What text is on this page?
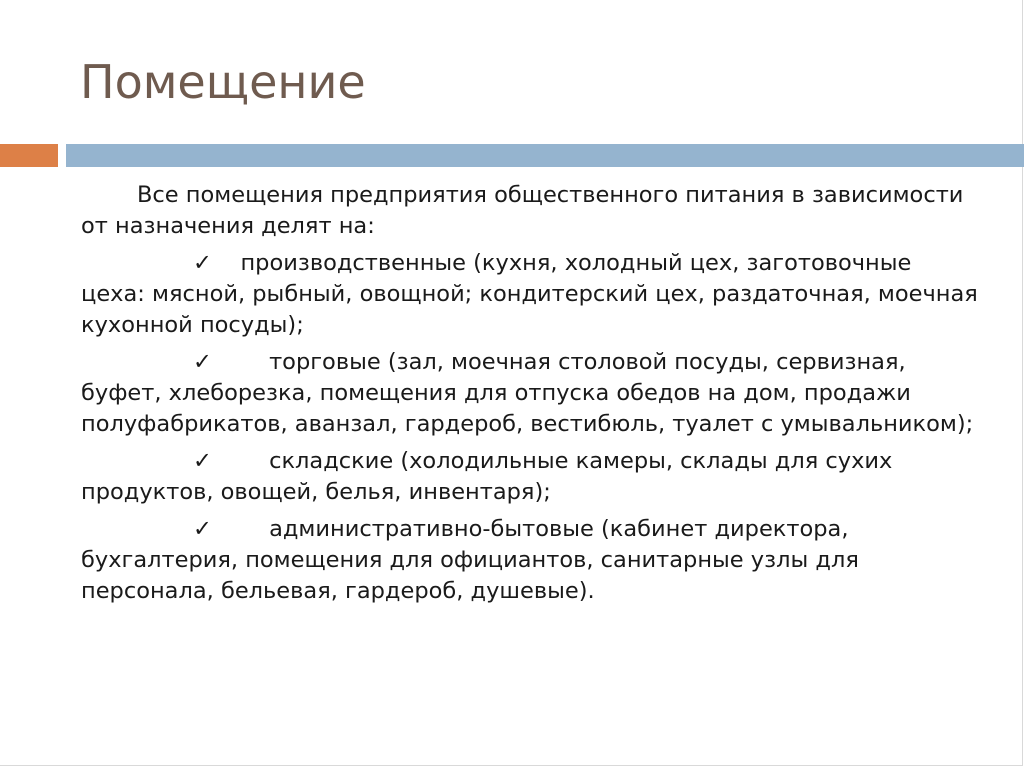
Помещение

Все помещения предприятия общественного питания в зависимости от назначения делят на:

✓ производственные (кухня, холодный цех, заготовочные цеха: мясной, рыбный, овощной; кондитерский цех, раздаточная, моечная кухонной посуды);

✓	торговые (зал, моечная столовой посуды, сервизная, буфет, хлеборезка, помещения для отпуска обедов на дом, продажи полуфабрикатов, аванзал, гардероб, вестибюль, туалет с умывальником);

✓	складские (холодильные камеры, склады для сухих продуктов, овощей, белья, инвентаря);

✓	административно-бытовые (кабинет директора, бухгалтерия, помещения для официантов, санитарные узлы для персонала, бельевая, гардероб, душевые).
